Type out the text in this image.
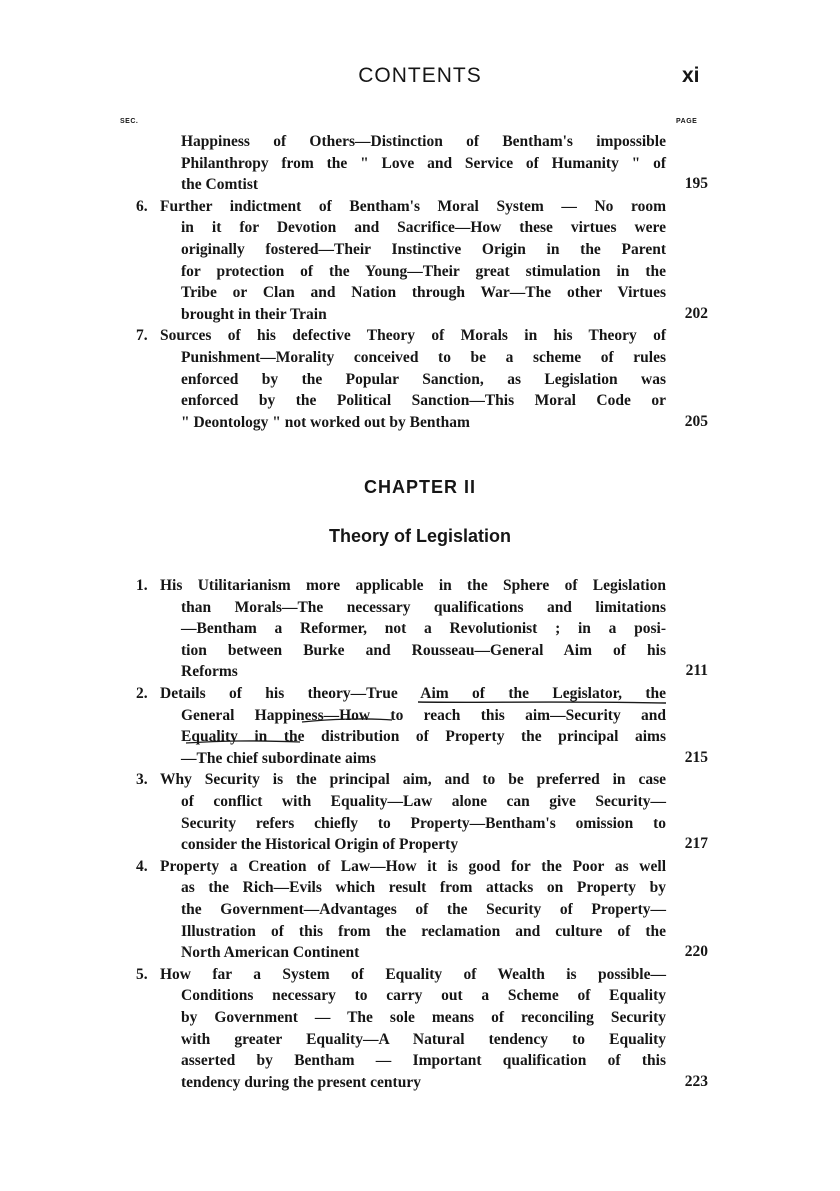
CONTENTS	xi
SEC.	PAGE
Happiness of Others—Distinction of Bentham's impossible
Philanthropy from the " Love and Service of Humanity " of
the Comtist	195
6. Further indictment of Bentham's Moral System — No room
in it for Devotion and Sacrifice—How these virtues were
originally fostered—Their Instinctive Origin in the Parent
for protection of the Young—Their great stimulation in the
Tribe or Clan and Nation through War—The other Virtues
brought in their Train	202
7. Sources of his defective Theory of Morals in his Theory of
Punishment—Morality conceived to be a scheme of rules
enforced by the Popular Sanction, as Legislation was
enforced by the Political Sanction—This Moral Code or
" Deontology " not worked out by Bentham	205
CHAPTER II
Theory of Legislation
1. His Utilitarianism more applicable in the Sphere of Legislation
than Morals—The necessary qualifications and limitations
—Bentham a Reformer, not a Revolutionist ; in a posi-
tion between Burke and Rousseau—General Aim of his
Reforms	211
2. Details of his theory—True Aim of the Legislator, the
General Happiness—How to reach this aim—Security and
Equality in the distribution of Property the principal aims
—The chief subordinate aims	215
3. Why Security is the principal aim, and to be preferred in case
of conflict with Equality—Law alone can give Security—
Security refers chiefly to Property—Bentham's omission to
consider the Historical Origin of Property	217
4. Property a Creation of Law—How it is good for the Poor as well
as the Rich—Evils which result from attacks on Property by
the Government—Advantages of the Security of Property—
Illustration of this from the reclamation and culture of the
North American Continent	220
5. How far a System of Equality of Wealth is possible—
Conditions necessary to carry out a Scheme of Equality
by Government — The sole means of reconciling Security
with greater Equality—A Natural tendency to Equality
asserted by Bentham — Important qualification of this
tendency during the present century	223
